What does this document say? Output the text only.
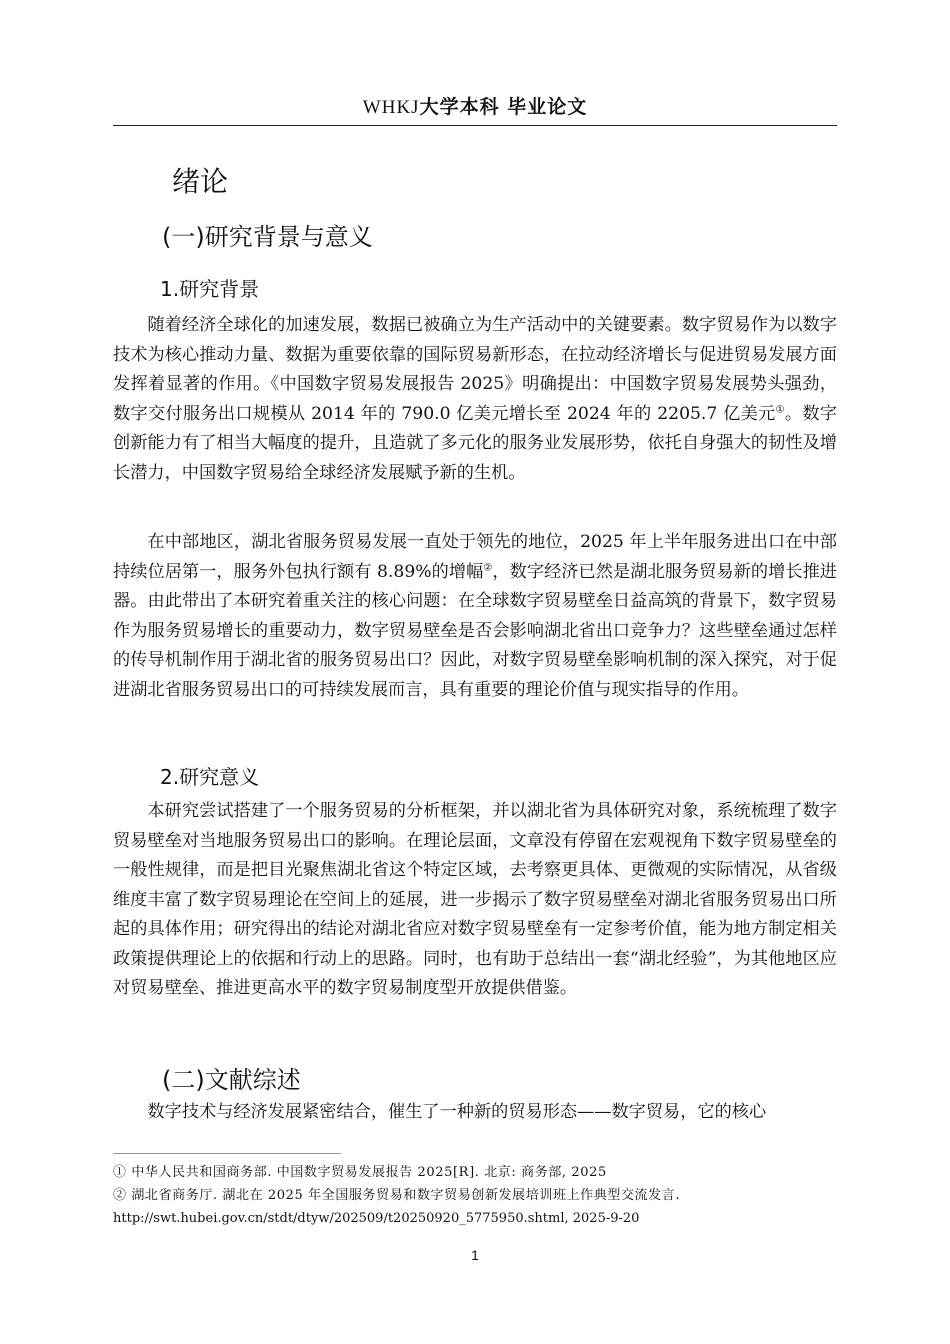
WHKJ大学本科 毕业论文
绪论
(一)研究背景与意义
1.研究背景

随着经济全球化的加速发展，数据已被确立为生产活动中的关键要素。数字贸易作为以数字技术为核心推动力量、数据为重要依靠的国际贸易新形态，在拉动经济增长与促进贸易发展方面发挥着显著的作用。《中国数字贸易发展报告 2025》明确提出：中国数字贸易发展势头强劲，数字交付服务出口规模从 2014 年的 790.0 亿美元增长至 2024 年的 2205.7 亿美元①。数字创新能力有了相当大幅度的提升，且造就了多元化的服务业发展形势，依托自身强大的韧性及增长潜力，中国数字贸易给全球经济发展赋予新的生机。

在中部地区，湖北省服务贸易发展一直处于领先的地位，2025 年上半年服务进出口在中部持续位居第一，服务外包执行额有 8.89%的增幅②，数字经济已然是湖北服务贸易新的增长推进器。由此带出了本研究着重关注的核心问题：在全球数字贸易壁垒日益高筑的背景下，数字贸易作为服务贸易增长的重要动力，数字贸易壁垒是否会影响湖北省出口竞争力？这些壁垒通过怎样的传导机制作用于湖北省的服务贸易出口？因此，对数字贸易壁垒影响机制的深入探究，对于促进湖北省服务贸易出口的可持续发展而言，具有重要的理论价值与现实指导的作用。

2.研究意义

本研究尝试搭建了一个服务贸易的分析框架，并以湖北省为具体研究对象，系统梳理了数字贸易壁垒对当地服务贸易出口的影响。在理论层面，文章没有停留在宏观视角下数字贸易壁垒的一般性规律，而是把目光聚焦湖北省这个特定区域，去考察更具体、更微观的实际情况，从省级维度丰富了数字贸易理论在空间上的延展，进一步揭示了数字贸易壁垒对湖北省服务贸易出口所起的具体作用；研究得出的结论对湖北省应对数字贸易壁垒有一定参考价值，能为地方制定相关政策提供理论上的依据和行动上的思路。同时，也有助于总结出一套“湖北经验”，为其他地区应对贸易壁垒、推进更高水平的数字贸易制度型开放提供借鉴。

(二)文献综述

数字技术与经济发展紧密结合，催生了一种新的贸易形态——数字贸易，它的核心

① 中华人民共和国商务部. 中国数字贸易发展报告 2025[R]. 北京: 商务部, 2025
② 湖北省商务厅. 湖北在 2025 年全国服务贸易和数字贸易创新发展培训班上作典型交流发言.
http://swt.hubei.gov.cn/stdt/dtyw/202509/t20250920_5775950.shtml, 2025-9-20
1
